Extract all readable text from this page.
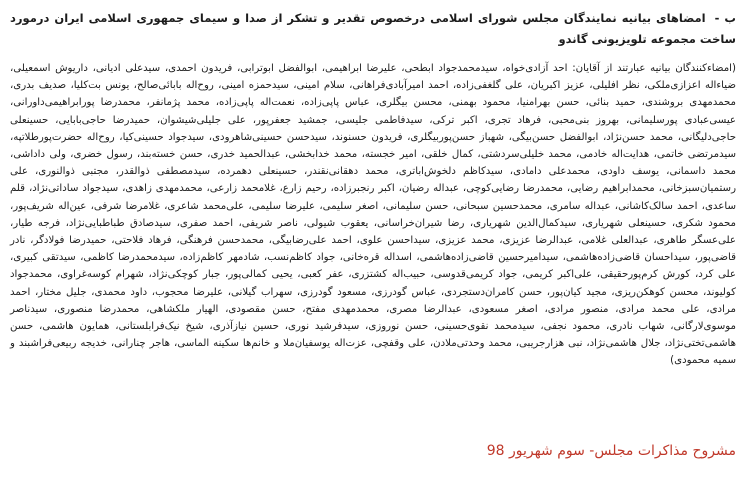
ب - امضاهای بیانیه نمایندگان مجلس شورای اسلامی درخصوص تقدیر و تشکر از صدا و سیمای جمهوری اسلامی ایران درمورد ساخت مجموعه تلویزیونی گاندو

(امضاءکنندگان بیانیه عبارتند از آقایان: احد آزادی‌خواه، سیدمحمدجواد ابطحی، علیرضا ابراهیمی، ابوالفضل ابوترابی، فریدون احمدی، سیدعلی ادیانی، داریوش اسمعیلی، ضیاءاله اعزازی‌ملکی، نظر افلیلی، عزیز اکبریان، علی گلغفی‌زاده، احمد امیرآبادی‌فراهانی، سلام امینی، سیدحمزه امینی، روح‌اله بابائی‌صالح، یونس بت‌کلیا، صدیف بدری، محمدمهدی بروشندی، حمید بنائی، حسن بهرامنیا، محمود بهمنی، محسن بیگلری، عباس پاپی‌زاده، نعمت‌اله پاپی‌زاده، محمد پژمانفر، محمدرضا پورابراهیمی‌داورانی، عیسی‌عبادی پورسلیمانی، بهروز بنی‌محبی، فرهاد تجری، اکبر ترکی، سیدفاطمی جلیسی، جمشید جعفرپور، علی جلیلی‌شیشوان، حمیدرضا حاجی‌بابایی، حسینعلی حاجی‌دلیگانی، محمد حسن‌نژاد، ابوالفضل حسن‌بیگی، شهباز حسن‌پوربیگلری، فریدون حسنوند، سیدحسن حسینی‌شاهرودی، سیدجواد حسینی‌کیا، روح‌اله حضرت‌پورطلاتپه، سیدمرتضی خاتمی، هدایت‌اله خادمی، محمد خلیلی‌سردشتی، کمال خلقی، امیر خجسته، محمد خدابخشی، عبدالحمید خدری، حسن خسته‌بند، رسول خضری، ولی داداشی، محمد داسمانی، یوسف داودی، محمدعلی دامادی، سیدکاظم دلخوش‌اباتری، محمد دهقانی‌نقندر، حسینعلی دهمرده، سیدمصطفی ذوالقدر، مجتبی ذوالنوری، علی رستمیان‌سبزخانی، محمدابراهیم رضایی، محمدرضا رضایی‌کوچی، عبداله رضیان، اکبر رنجبرزاده، رحیم زارع، غلامحمد زارعی، محمدمهدی زاهدی، سیدجواد ساداتی‌نژاد، قلم ساعدی، احمد سالک‌کاشانی، عبداله سامری، محمدحسین سبحانی، حسن سلیمانی، اصغر سلیمی، علیرضا سلیمی، علی‌محمد شاعری، غلامرضا شرفی، عین‌اله شریف‌پور، محمود شکری، حسینعلی شهریاری، سیدکمال‌الدین شهریاری، رضا شیران‌خراسانی، یعقوب شیولی، ناصر شریفی، احمد صفری، سیدصادق طباطبایی‌نژاد، فرجه طیار، علی‌عسگر طاهری، عبدالعلی غلامی، عبدالرضا عزیزی، محمد عزیزی، سیداحسن علوی، احمد علی‌رضابیگی، محمدحسن فرهنگی، فرهاد فلاحتی، حمیدرضا فولادگر، نادر قاضی‌پور، سیداحسان قاضی‌زاده‌هاشمی، سیدامیرحسین قاضی‌زاده‌هاشمی، اسداله قره‌خانی، جواد کاظم‌نسب، شادمهر کاظم‌زاده، سیدمحمدرضا کاظمی، سیدتقی کبیری، علی کرد، کورش کرم‌پورحقیقی، علی‌اکبر کریمی، جواد کریمی‌قدوسی، حبیب‌اله کشتزری، عفر کعبی، یحیی کمالی‌پور، جبار کوچکی‌نژاد، شهرام کوسه‌غراوی، محمدجواد کولیوند، محسن کوهکن‌ریزی، مجید کیان‌پور، حسن کامران‌دستجردی، عباس گودرزی، مسعود گودرزی، سهراب گیلانی، علیرضا محجوب، داود محمدی، جلیل مختار، احمد مرادی، علی محمد مرادی، منصور مرادی، اصغر مسعودی، عبدالرضا مصری، محمدمهدی مفتح، حسن مقصودی، الهیار ملکشاهی، محمدرضا منصوری، سیدناصر موسوی‌لارگانی، شهاب نادری، محمود نجفی، سیدمحمد نقوی‌حسینی، حسن نوروزی، سیدفرشید نوری، حسین نیازآذری، شیخ نیک‌فرابلستانی، همایون هاشمی، حسن هاشمی‌تختی‌نژاد، جلال هاشمی‌نژاد، نبی هزارجریبی، محمد وحدتی‌ملادن، علی وقفچی، عزت‌اله یوسفیان‌ملا و خانم‌ها سکینه الماسی، هاجر چنارانی، خدیجه ربیعی‌فراشبند و سمیه محمودی)

مشروح مذاکرات مجلس- سوم شهریور 98
